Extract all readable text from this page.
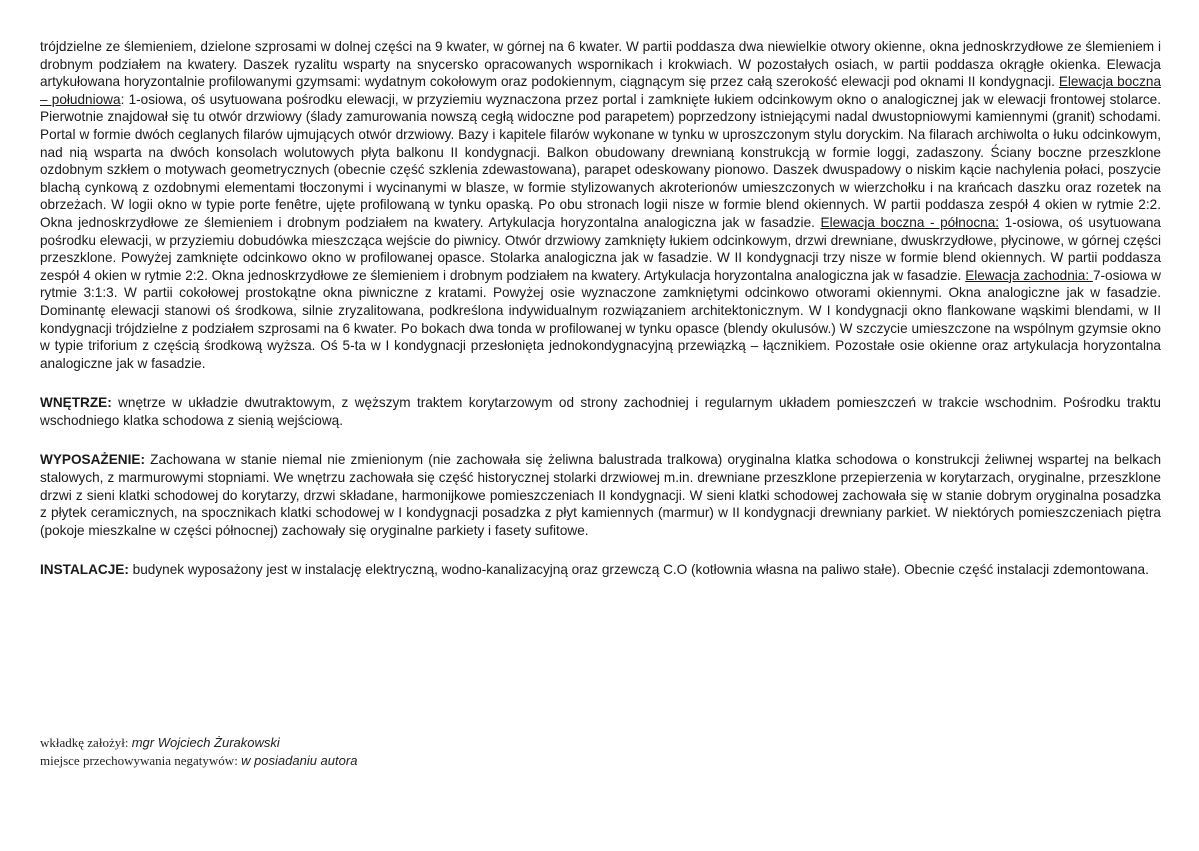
trójdzielne ze ślemieniem, dzielone szprosami w dolnej części na 9 kwater, w górnej na 6 kwater. W partii poddasza dwa niewielkie otwory okienne, okna jednoskrzydłowe ze ślemieniem i drobnym podziałem na kwatery. Daszek ryzalitu wsparty na snycersko opracowanych wspornikach i krokwiach. W pozostałych osiach, w partii poddasza okrągłe okienka. Elewacja artykułowana horyzontalnie profilowanymi gzymsami: wydatnym cokołowym oraz podokiennym, ciągnącym się przez całą szerokość elewacji pod oknami II kondygnacji. Elewacja boczna – południowa: 1-osiowa, oś usytuowana pośrodku elewacji, w przyziemiu wyznaczona przez portal i zamknięte łukiem odcinkowym okno o analogicznej jak w elewacji frontowej stolarce. Pierwotnie znajdował się tu otwór drzwiowy (ślady zamurowania nowszą cegłą widoczne pod parapetem) poprzedzony istniejącymi nadal dwustopniowymi kamiennymi (granit) schodami. Portal w formie dwóch ceglanych filarów ujmujących otwór drzwiowy. Bazy i kapitele filarów wykonane w tynku w uproszczonym stylu doryckim. Na filarach archiwolta o łuku odcinkowym, nad nią wsparta na dwóch konsolach wolutowych płyta balkonu II kondygnacji. Balkon obudowany drewnianą konstrukcją w formie loggi, zadaszony. Ściany boczne przeszklone ozdobnym szkłem o motywach geometrycznych (obecnie część szklenia zdewastowana), parapet odeskowany pionowo. Daszek dwuspadowy o niskim kącie nachylenia połaci, poszycie blachą cynkową z ozdobnymi elementami tłoczonymi i wycinanymi w blasze, w formie stylizowanych akroterionów umieszczonych w wierzchołku i na krańcach daszku oraz rozetek na obrzeżach. W logii okno w typie porte fenêtre, ujęte profilowaną w tynku opaską. Po obu stronach logii nisze w formie blend okiennych. W partii poddasza zespół 4 okien w rytmie 2:2. Okna jednoskrzydłowe ze ślemieniem i drobnym podziałem na kwatery. Artykulacja horyzontalna analogiczna jak w fasadzie. Elewacja boczna - północna: 1-osiowa, oś usytuowana pośrodku elewacji, w przyziemiu dobudówka mieszcząca wejście do piwnicy. Otwór drzwiowy zamknięty łukiem odcinkowym, drzwi drewniane, dwuskrzydłowe, płycinowe, w górnej części przeszklone. Powyżej zamknięte odcinkowo okno w profilowanej opasce. Stolarka analogiczna jak w fasadzie. W II kondygnacji trzy nisze w formie blend okiennych. W partii poddasza zespół 4 okien w rytmie 2:2. Okna jednoskrzydłowe ze ślemieniem i drobnym podziałem na kwatery. Artykulacja horyzontalna analogiczna jak w fasadzie. Elewacja zachodnia: 7-osiowa w rytmie 3:1:3. W partii cokołowej prostokątne okna piwniczne z kratami. Powyżej osie wyznaczone zamkniętymi odcinkowo otworami okiennymi. Okna analogiczne jak w fasadzie. Dominantę elewacji stanowi oś środkowa, silnie zryzalitowana, podkreślona indywidualnym rozwiązaniem architektonicznym. W I kondygnacji okno flankowane wąskimi blendami, w II kondygnacji trójdzielne z podziałem szprosami na 6 kwater. Po bokach dwa tonda w profilowanej w tynku opasce (blendy okulusów.) W szczycie umieszczone na wspólnym gzymsie okno w typie triforium z częścią środkową wyższa. Oś 5-ta w I kondygnacji przesłonięta jednokondygnacyjną przewiązką – łącznikiem. Pozostałe osie okienne oraz artykulacja horyzontalna analogiczne jak w fasadzie.

WNĘTRZE: wnętrze w układzie dwutraktowym, z węższym traktem korytarzowym od strony zachodniej i regularnym układem pomieszczeń w trakcie wschodnim. Pośrodku traktu wschodniego klatka schodowa z sienią wejściową.

WYPOSAŻENIE: Zachowana w stanie niemal nie zmienionym (nie zachowała się żeliwna balustrada tralkowa) oryginalna klatka schodowa o konstrukcji żeliwnej wspartej na belkach stalowych, z marmurowymi stopniami. We wnętrzu zachowała się część historycznej stolarki drzwiowej m.in. drewniane przeszklone przepierzenia w korytarzach, oryginalne, przeszklone drzwi z sieni klatki schodowej do korytarzy, drzwi składane, harmonijkowe pomieszczeniach II kondygnacji. W sieni klatki schodowej zachowała się w stanie dobrym oryginalna posadzka z płytek ceramicznych, na spocznikach klatki schodowej w I kondygnacji posadzka z płyt kamiennych (marmur) w II kondygnacji drewniany parkiet. W niektórych pomieszczeniach piętra (pokoje mieszkalne w części północnej) zachowały się oryginalne parkiety i fasety sufitowe.

INSTALACJE: budynek wyposażony jest w instalację elektryczną, wodno-kanalizacyjną oraz grzewczą C.O (kotłownia własna na paliwo stałe). Obecnie część instalacji zdemontowana.

wkładkę założył: mgr Wojciech Żurakowski
miejsce przechowywania negatywów: w posiadaniu autora
